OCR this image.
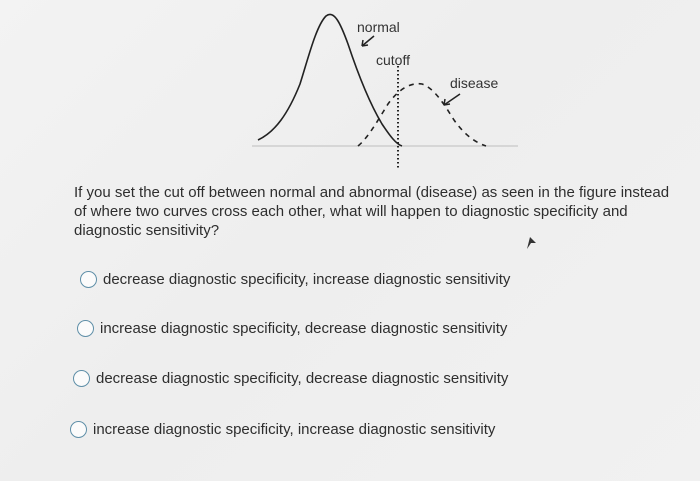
normal
cutoff
disease
If you set the cut off between normal and abnormal (disease) as seen in the figure instead of where two curves cross each other, what will happen to diagnostic specificity and diagnostic sensitivity?
decrease diagnostic specificity, increase diagnostic sensitivity
increase diagnostic specificity, decrease diagnostic sensitivity
decrease diagnostic specificity, decrease diagnostic sensitivity
increase diagnostic specificity, increase diagnostic sensitivity
